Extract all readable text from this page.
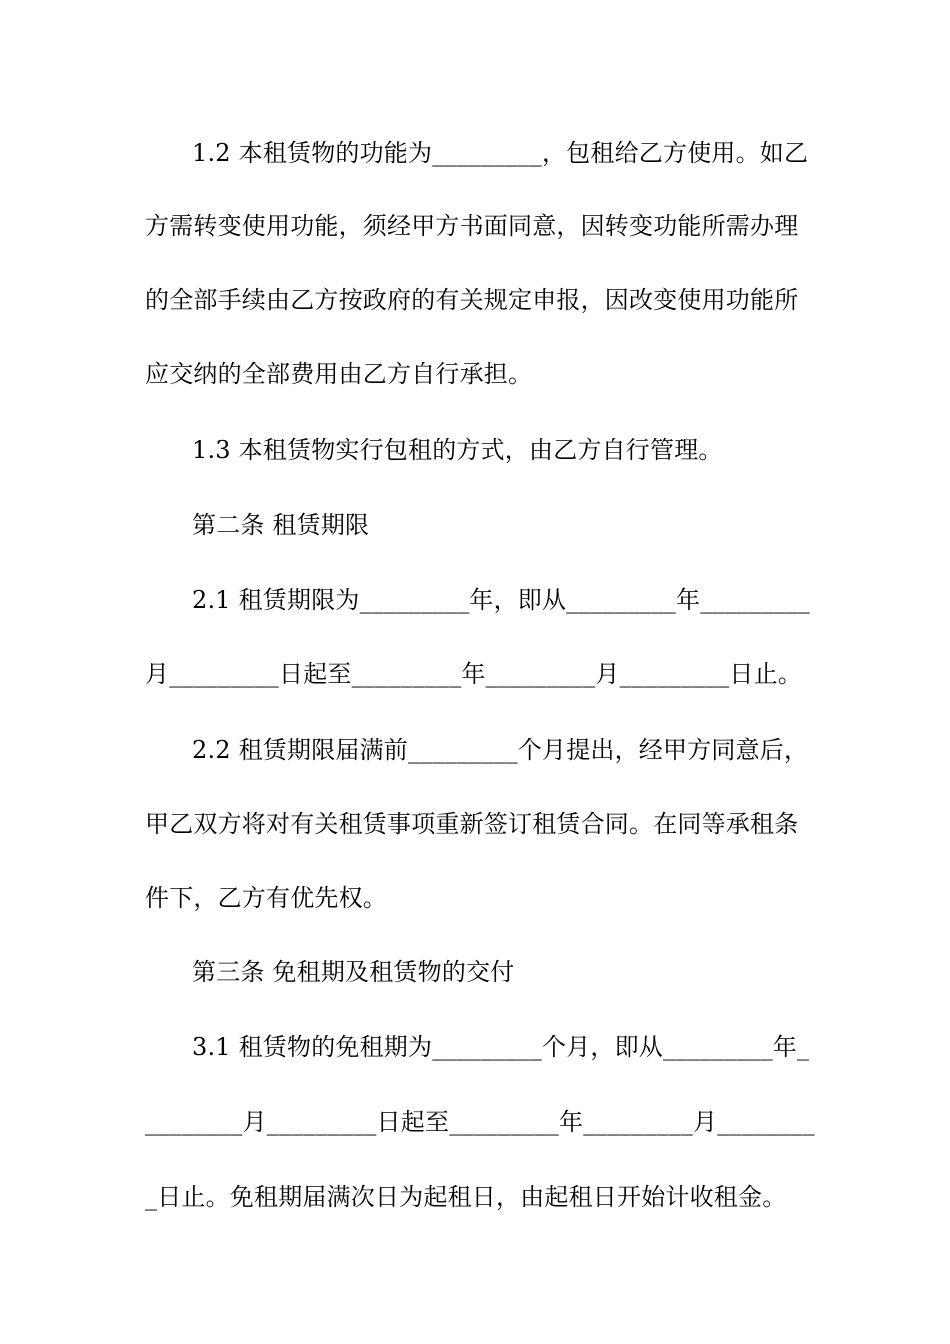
1.2 本租赁物的功能为_________，包租给乙方使用。如乙
方需转变使用功能，须经甲方书面同意，因转变功能所需办理
的全部手续由乙方按政府的有关规定申报，因改变使用功能所
应交纳的全部费用由乙方自行承担。
1.3 本租赁物实行包租的方式，由乙方自行管理。
第二条 租赁期限
2.1 租赁期限为_________年，即从_________年_________
月_________日起至_________年_________月_________日止。
2.2 租赁期限届满前_________个月提出，经甲方同意后，
甲乙双方将对有关租赁事项重新签订租赁合同。在同等承租条
件下，乙方有优先权。
第三条 免租期及租赁物的交付
3.1 租赁物的免租期为_________个月，即从_________年_
________月_________日起至_________年_________月________
_日止。免租期届满次日为起租日，由起租日开始计收租金。
